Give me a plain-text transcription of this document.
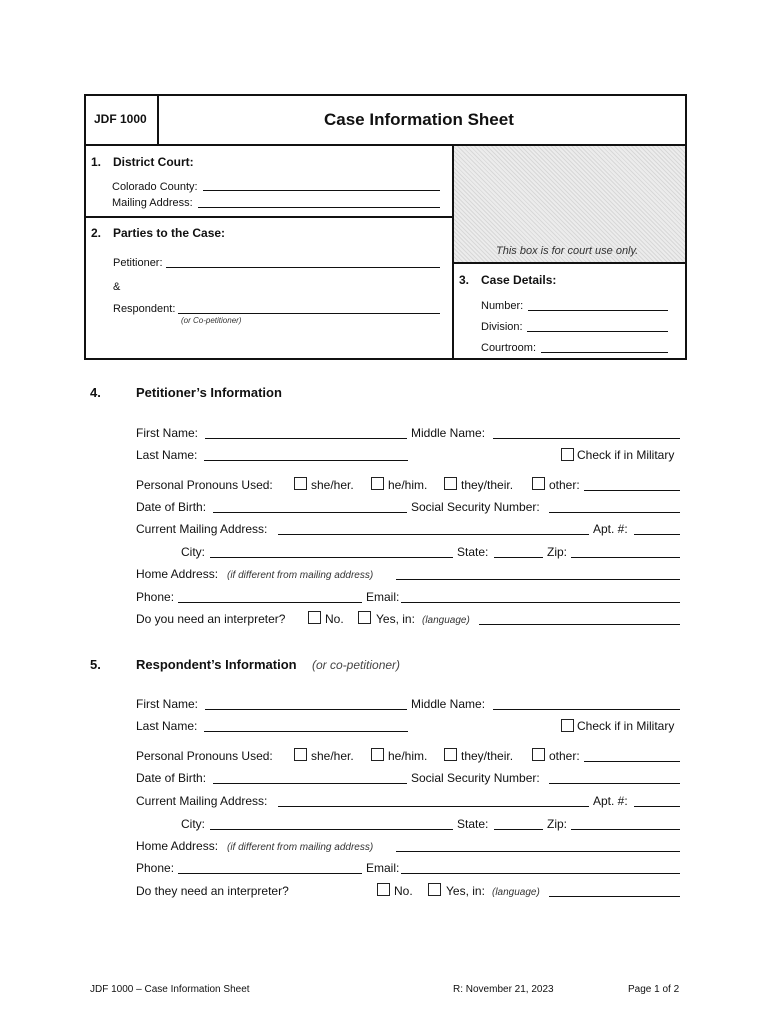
JDF 1000	Case Information Sheet
This box is for court use only.
1. District Court:
Colorado County:
Mailing Address:
2. Parties to the Case:
Petitioner:
&
Respondent:
(or Co-petitioner)
3. Case Details:
Number:
Division:
Courtroom:
4.	Petitioner’s Information
First Name:	Middle Name:
Last Name:	Check if in Military
Personal Pronouns Used:	she/her.	he/him.	they/their.	other:
Date of Birth:	Social Security Number:
Current Mailing Address:	Apt. #:
City:	State:	Zip:
Home Address: (if different from mailing address)
Phone:	Email:
Do you need an interpreter?	No.	Yes, in: (language)
5.	Respondent’s Information (or co-petitioner)
First Name:	Middle Name:
Last Name:	Check if in Military
Personal Pronouns Used:	she/her.	he/him.	they/their.	other:
Date of Birth:	Social Security Number:
Current Mailing Address:	Apt. #:
City:	State:	Zip:
Home Address: (if different from mailing address)
Phone:	Email:
Do they need an interpreter?	No.	Yes, in: (language)
JDF 1000 – Case Information Sheet	R: November 21, 2023	Page 1 of 2
